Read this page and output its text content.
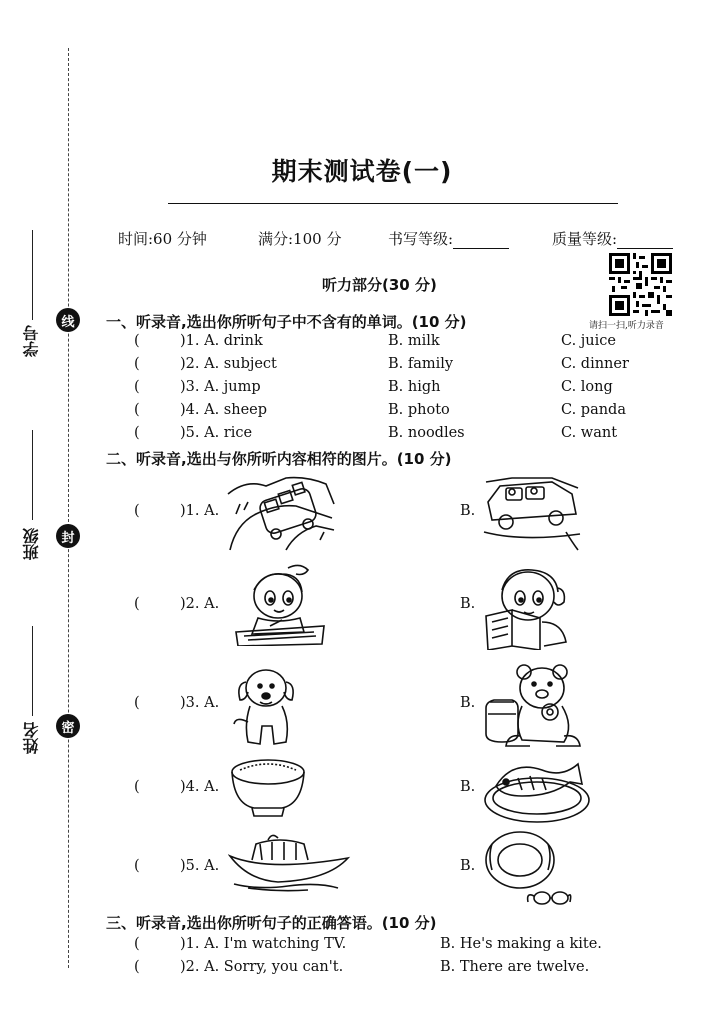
学号
线
班级	封
姓名	密
期末测试卷(一)
时间:60 分钟	满分:100 分	书写等级:	质量等级:
听力部分(30 分)
请扫一扫,听力录音
一、听录音,选出你所听句子中不含有的单词。(10 分)
(	)1. A. drink	B. milk	C. juice
(	)2. A. subject	B. family	C. dinner
(	)3. A. jump	B. high	C. long
(	)4. A. sheep	B. photo	C. panda
(	)5. A. rice	B. noodles	C. want
二、听录音,选出与你所听内容相符的图片。(10 分)
(	)1. A.	B.
(	)2. A.	B.
(	)3. A.	B.
(	)4. A.	B.
(	)5. A.	B.
三、听录音,选出你所听句子的正确答语。(10 分)
(	)1. A. I'm watching TV.	B. He's making a kite.
(	)2. A. Sorry, you can't.	B. There are twelve.
